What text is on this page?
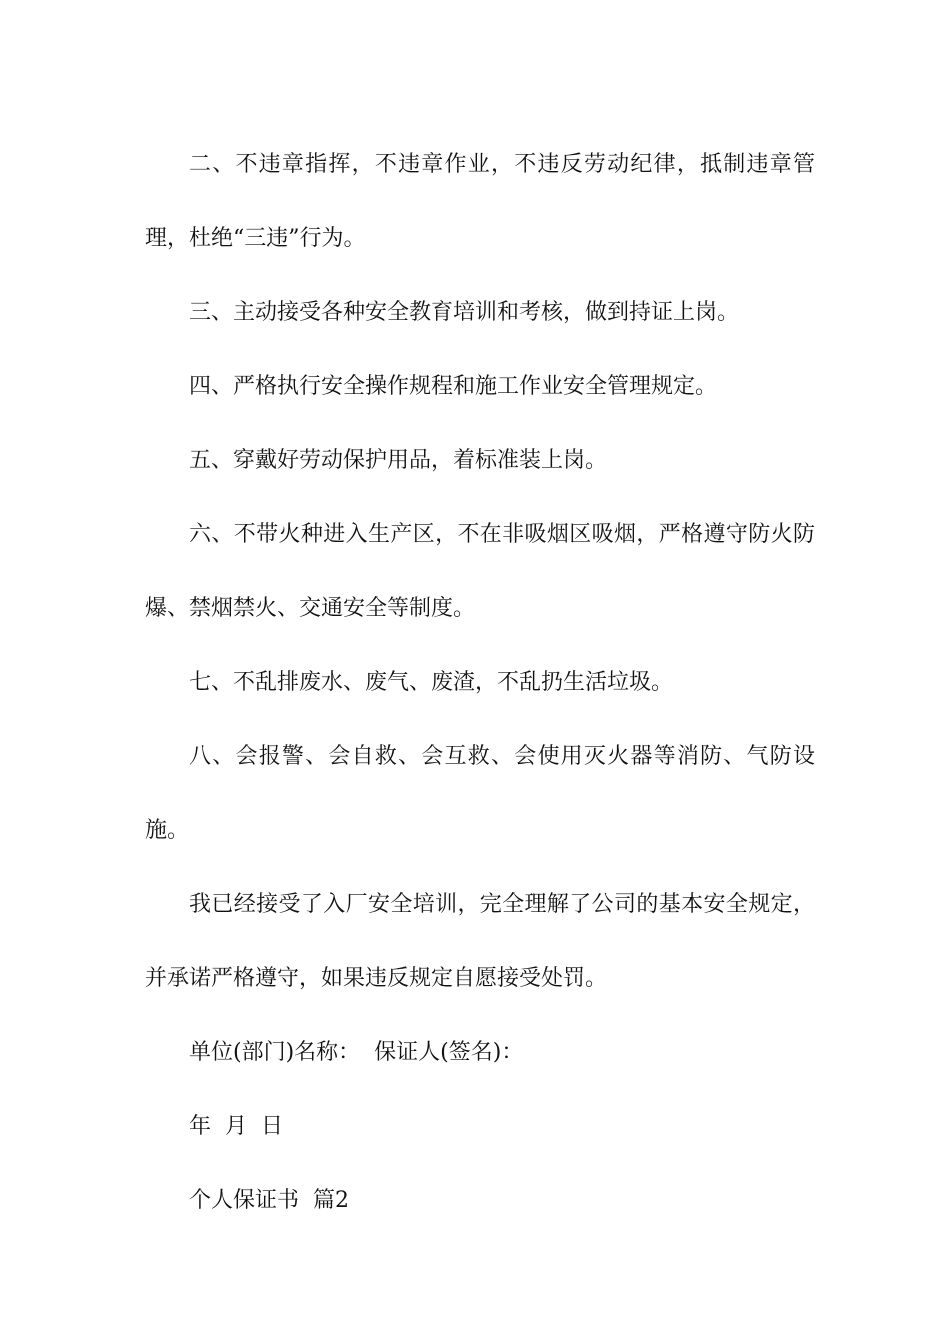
二、不违章指挥，不违章作业，不违反劳动纪律，抵制违章管理，杜绝“三违”行为。

三、主动接受各种安全教育培训和考核，做到持证上岗。

四、严格执行安全操作规程和施工作业安全管理规定。

五、穿戴好劳动保护用品，着标准装上岗。

六、不带火种进入生产区，不在非吸烟区吸烟，严格遵守防火防爆、禁烟禁火、交通安全等制度。

七、不乱排废水、废气、废渣，不乱扔生活垃圾。

八、会报警、会自救、会互救、会使用灭火器等消防、气防设施。

我已经接受了入厂安全培训，完全理解了公司的基本安全规定，并承诺严格遵守，如果违反规定自愿接受处罚。

单位(部门)名称：  保证人(签名)：

年  月  日

个人保证书  篇2
